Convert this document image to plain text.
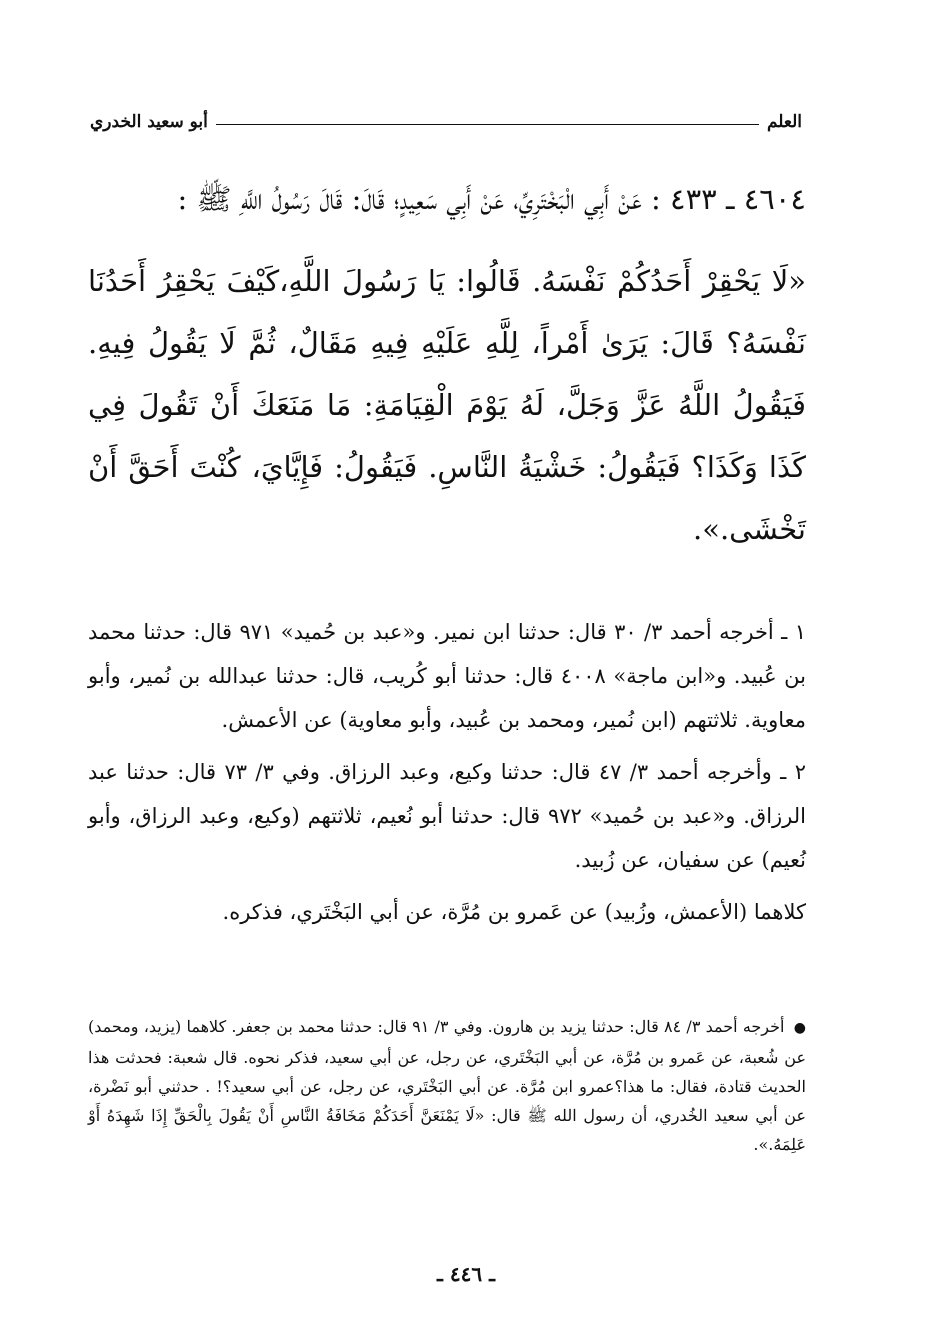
العلم
أبو سعيد الخدري

٤٦٠٤ ـ ٤٣٣ : عَنْ أَبِي الْبَخْتَرِيِّ، عَنْ أَبِي سَعِيدٍ؛ قَالَ: قَالَ رَسُولُ اللَّهِ ﷺ :

«لَا يَحْقِرْ أَحَدُكُمْ نَفْسَهُ. قَالُوا: يَا رَسُولَ اللَّهِ،كَيْفَ يَحْقِرُ أَحَدُنَا نَفْسَهُ؟ قَالَ: يَرَىٰ أَمْراً، لِلَّهِ عَلَيْهِ فِيهِ مَقَالٌ، ثُمَّ لَا يَقُولُ فِيهِ. فَيَقُولُ اللَّهُ عَزَّ وَجَلَّ، لَهُ يَوْمَ الْقِيَامَةِ: مَا مَنَعَكَ أَنْ تَقُولَ فِي كَذَا وَكَذَا؟ فَيَقُولُ: خَشْيَةُ النَّاسِ. فَيَقُولُ: فَإِيَّايَ، كُنْتَ أَحَقَّ أَنْ تَخْشَى.».

١ ـ أخرجه أحمد ٣/ ٣٠ قال: حدثنا ابن نمير. و«عبد بن حُميد» ٩٧١ قال: حدثنا محمد بن عُبيد. و«ابن ماجة» ٤٠٠٨ قال: حدثنا أبو كُريب، قال: حدثنا عبدالله بن نُمير، وأبو معاوية. ثلاثتهم (ابن نُمير، ومحمد بن عُبيد، وأبو معاوية) عن الأعمش.

٢ ـ وأخرجه أحمد ٣/ ٤٧ قال: حدثنا وكيع، وعبد الرزاق. وفي ٣/ ٧٣ قال: حدثنا عبد الرزاق. و«عبد بن حُميد» ٩٧٢ قال: حدثنا أبو نُعيم، ثلاثتهم (وكيع، وعبد الرزاق، وأبو نُعيم) عن سفيان، عن زُبيد.

كلاهما (الأعمش، وزُبيد) عن عَمرو بن مُرَّة، عن أبي البَخْتَري، فذكره.

● أخرجه أحمد ٣/ ٨٤ قال: حدثنا يزيد بن هارون. وفي ٣/ ٩١ قال: حدثنا محمد بن جعفر. كلاهما (يزيد، ومحمد) عن شُعبة، عن عَمرو بن مُرَّة، عن أبي البَخْتَري، عن رجل، عن أبي سعيد، فذكر نحوه. قال شعبة: فحدثت هذا الحديث قتادة، فقال: ما هذا؟عمرو ابن مُرَّة. عن أبي البَخْتَري، عن رجل، عن أبي سعيد؟! . حدثني أبو نَضْرة، عن أبي سعيد الخُدري، أن رسول الله ﷺ قال: «لَا يَمْنَعَنَّ أَحَدَكُمْ مَخَافَةُ النَّاسِ أَنْ يَقُولَ بِالْحَقِّ إِذَا شَهِدَهُ أَوْ عَلِمَهُ.».
ـ ٤٤٦ ـ
